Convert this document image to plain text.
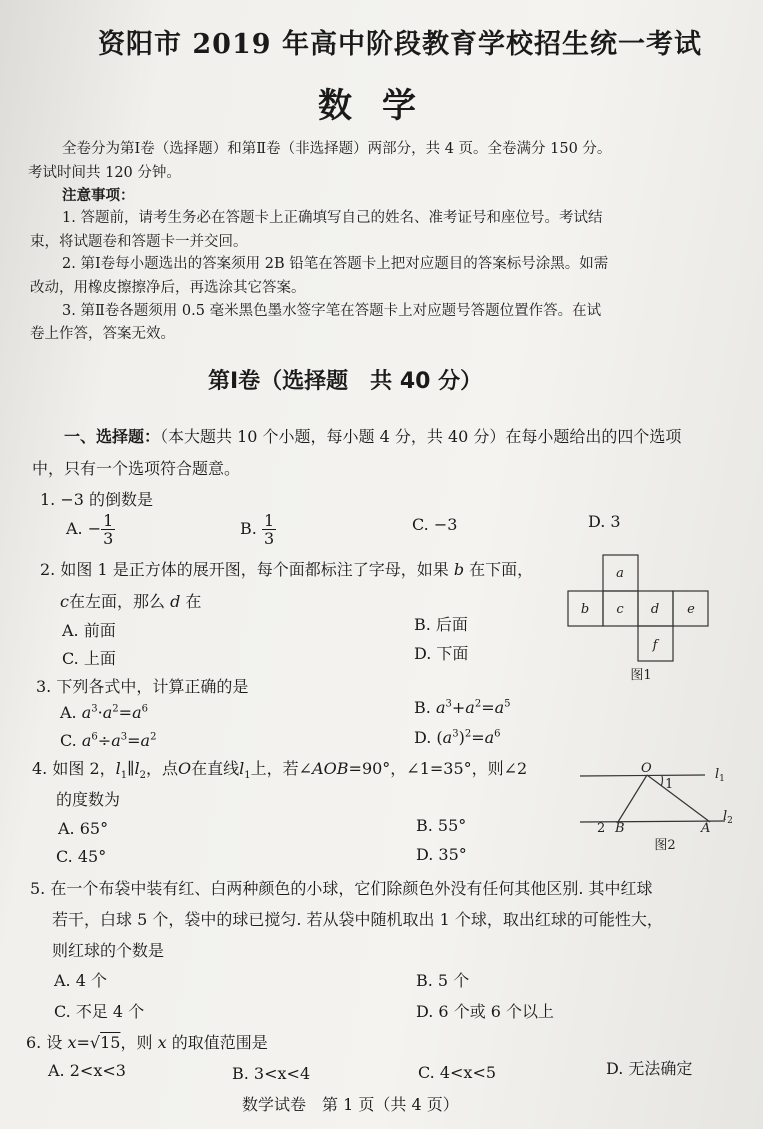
资阳市 2019 年高中阶段教育学校招生统一考试
数学
全卷分为第Ⅰ卷（选择题）和第Ⅱ卷（非选择题）两部分，共 4 页。全卷满分 150 分。
考试时间共 120 分钟。
注意事项：
1. 答题前，请考生务必在答题卡上正确填写自己的姓名、准考证号和座位号。考试结
束，将试题卷和答题卡一并交回。
2. 第Ⅰ卷每小题选出的答案须用 2B 铅笔在答题卡上把对应题目的答案标号涂黑。如需
改动，用橡皮擦擦净后，再选涂其它答案。
3. 第Ⅱ卷各题须用 0.5 毫米黑色墨水签字笔在答题卡上对应题号答题位置作答。在试
卷上作答，答案无效。
第Ⅰ卷（选择题　共 40 分）
一、选择题：（本大题共 10 个小题，每小题 4 分，共 40 分）在每小题给出的四个选项
中，只有一个选项符合题意。
1. −3 的倒数是
A. − $\frac{1}{3}$	B. $\frac{1}{3}$	C. −3	D. 3
2. 如图 1 是正方体的展开图，每个面都标注了字母，如果 b 在下面，
c在左面，那么 d 在
A. 前面	B. 后面
C. 上面	D. 下面
a
b c d e
f
图1
3. 下列各式中，计算正确的是
A. $a^3\cdot a^2=a^6$	B. $a^3+a^2=a^5$
C. $a^6\div a^3=a^2$	D. $(a^3)^2=a^6$
4. 如图 2，$l_1\parallel l_2$，点O在直线$l_1$上，若∠AOB=90°，∠1=35°，则∠2
的度数为
A. 65°	B. 55°
C. 45°	D. 35°
O
1
2 B	A
$l_1$
$l_2$
图2
5. 在一个布袋中装有红、白两种颜色的小球，它们除颜色外没有任何其他区别. 其中红球
若干，白球 5 个，袋中的球已搅匀. 若从袋中随机取出 1 个球，取出红球的可能性大，
则红球的个数是
A. 4 个	B. 5 个
C. 不足 4 个	D. 6 个或 6 个以上
6. 设 x=√15，则 x 的取值范围是
A. 2<x<3	B. 3<x<4	C. 4<x<5	D. 无法确定
数学试卷　第 1 页（共 4 页）
